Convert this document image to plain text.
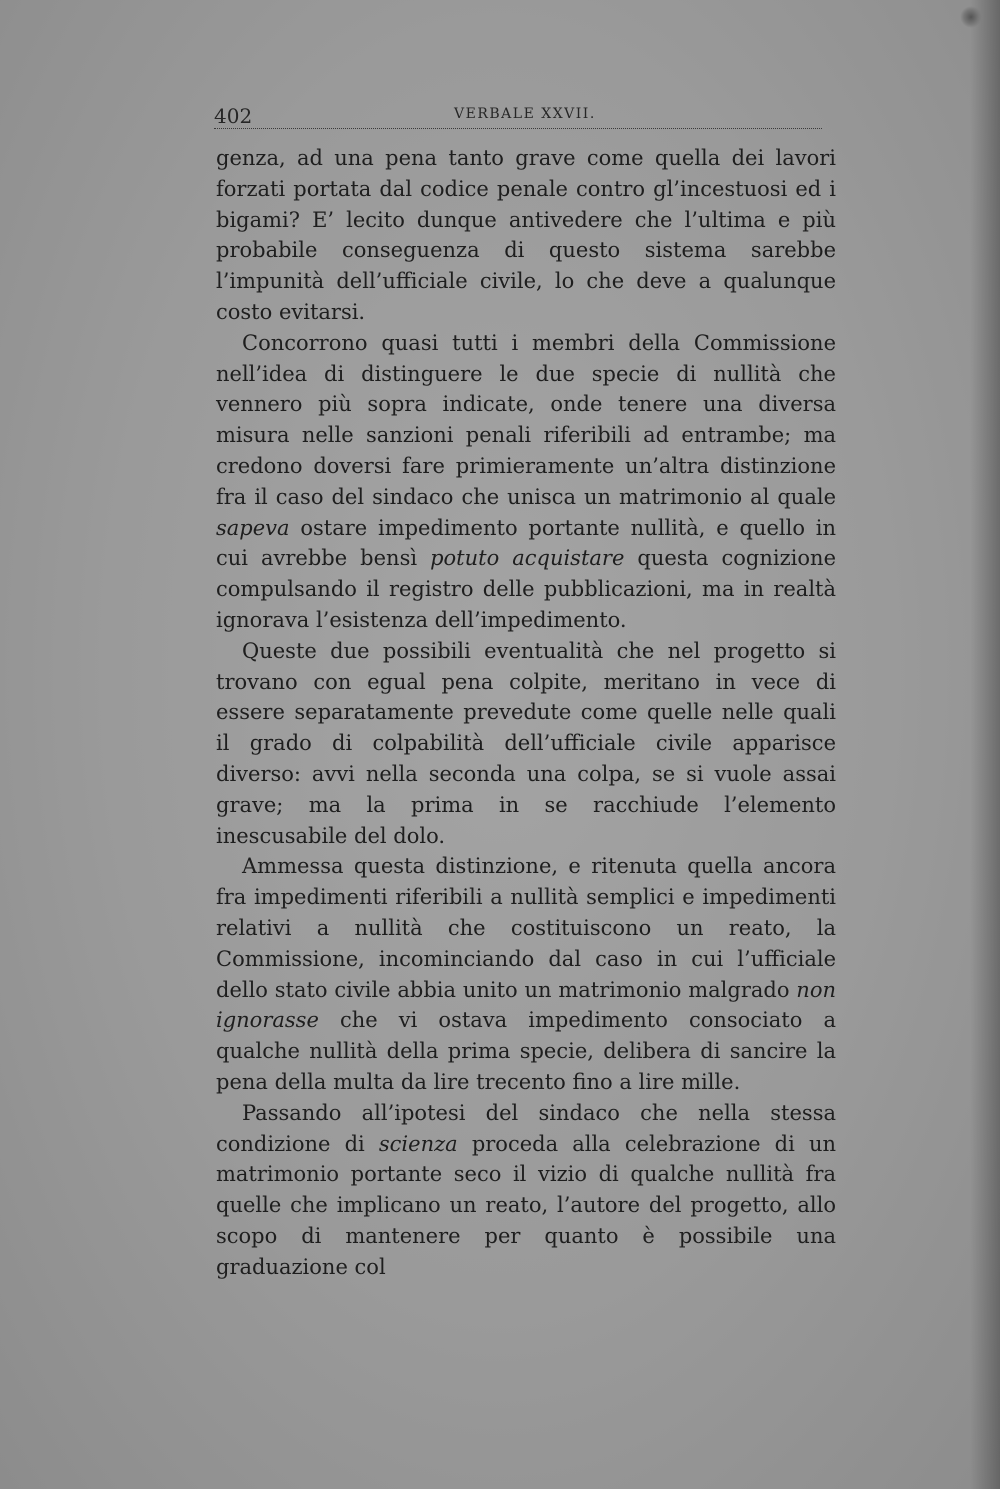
402	VERBALE XXVII.

genza, ad una pena tanto grave come quella dei lavori forzati portata dal codice penale contro gl’incestuosi ed i bigami? E’ lecito dunque antivedere che l’ultima e più probabile conseguenza di questo sistema sarebbe l’impunità dell’ufficiale civile, lo che deve a qualunque costo evitarsi.

Concorrono quasi tutti i membri della Commissione nell’idea di distinguere le due specie di nullità che vennero più sopra indicate, onde tenere una diversa misura nelle sanzioni penali riferibili ad entrambe; ma credono doversi fare primieramente un’altra distinzione fra il caso del sindaco che unisca un matrimonio al quale sapeva ostare impedimento portante nullità, e quello in cui avrebbe bensì potuto acquistare questa cognizione compulsando il registro delle pubblicazioni, ma in realtà ignorava l’esistenza dell’impedimento.

Queste due possibili eventualità che nel progetto si trovano con egual pena colpite, meritano in vece di essere separatamente prevedute come quelle nelle quali il grado di colpabilità dell’ufficiale civile apparisce diverso: avvi nella seconda una colpa, se si vuole assai grave; ma la prima in se racchiude l’elemento inescusabile del dolo.

Ammessa questa distinzione, e ritenuta quella ancora fra impedimenti riferibili a nullità semplici e impedimenti relativi a nullità che costituiscono un reato, la Commissione, incominciando dal caso in cui l’ufficiale dello stato civile abbia unito un matrimonio malgrado non ignorasse che vi ostava impedimento consociato a qualche nullità della prima specie, delibera di sancire la pena della multa da lire trecento fino a lire mille.

Passando all’ipotesi del sindaco che nella stessa condizione di scienza proceda alla celebrazione di un matrimonio portante seco il vizio di qualche nullità fra quelle che implicano un reato, l’autore del progetto, allo scopo di mantenere per quanto è possibile una graduazione col
